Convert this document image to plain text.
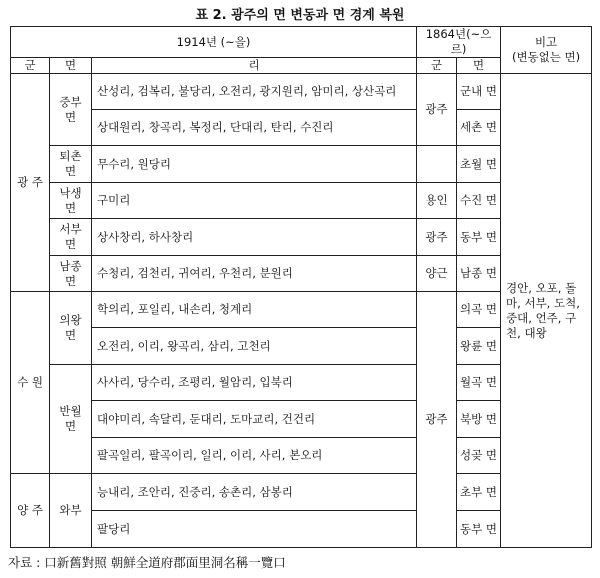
표 2. 광주의 면 변동과 면 경계 복원
1914년 (~을)			1864년(~으르)		비고
(변동없는 면)

군	면	리	군	면	
광 주	중부 면	산성리, 검복리, 불당리, 오전리, 광지원리, 암미리, 상산곡리	광주	군내 면	경안, 오포, 돌마, 서부, 도척, 중대, 언주, 구천, 대왕
		상대원리, 창곡리, 복정리, 단대리, 탄리, 수진리		세촌 면	
	퇴촌 면	무수리, 원당리		초월 면	
	낙생 면	구미리	용인	수진 면	
	서부 면	상사창리, 하사창리	광주	동부 면	
	남종 면	수청리, 검천리, 귀여리, 우천리, 분원리	양근	남종 면	
수 원	의왕 면	학의리, 포일리, 내손리, 청계리	광주	의곡 면	
		오전리, 이리, 왕곡리, 삼리, 고천리		왕륜 면	
	반월 면	사사리, 당수리, 조평리, 월암리, 입북리		월곡 면	
		대야미리, 속달리, 둔대리, 도마교리, 건건리		북방 면	
		팔곡일리, 팔곡이리, 일리, 이리, 사리, 본오리		성곶 면	
양 주	와부	능내리, 조안리, 진중리, 송촌리, 삼봉리		초부 면	
		팔당리		동부 면	
자료 : 口新舊對照 朝鮮全道府郡面里洞名稱一覽口
